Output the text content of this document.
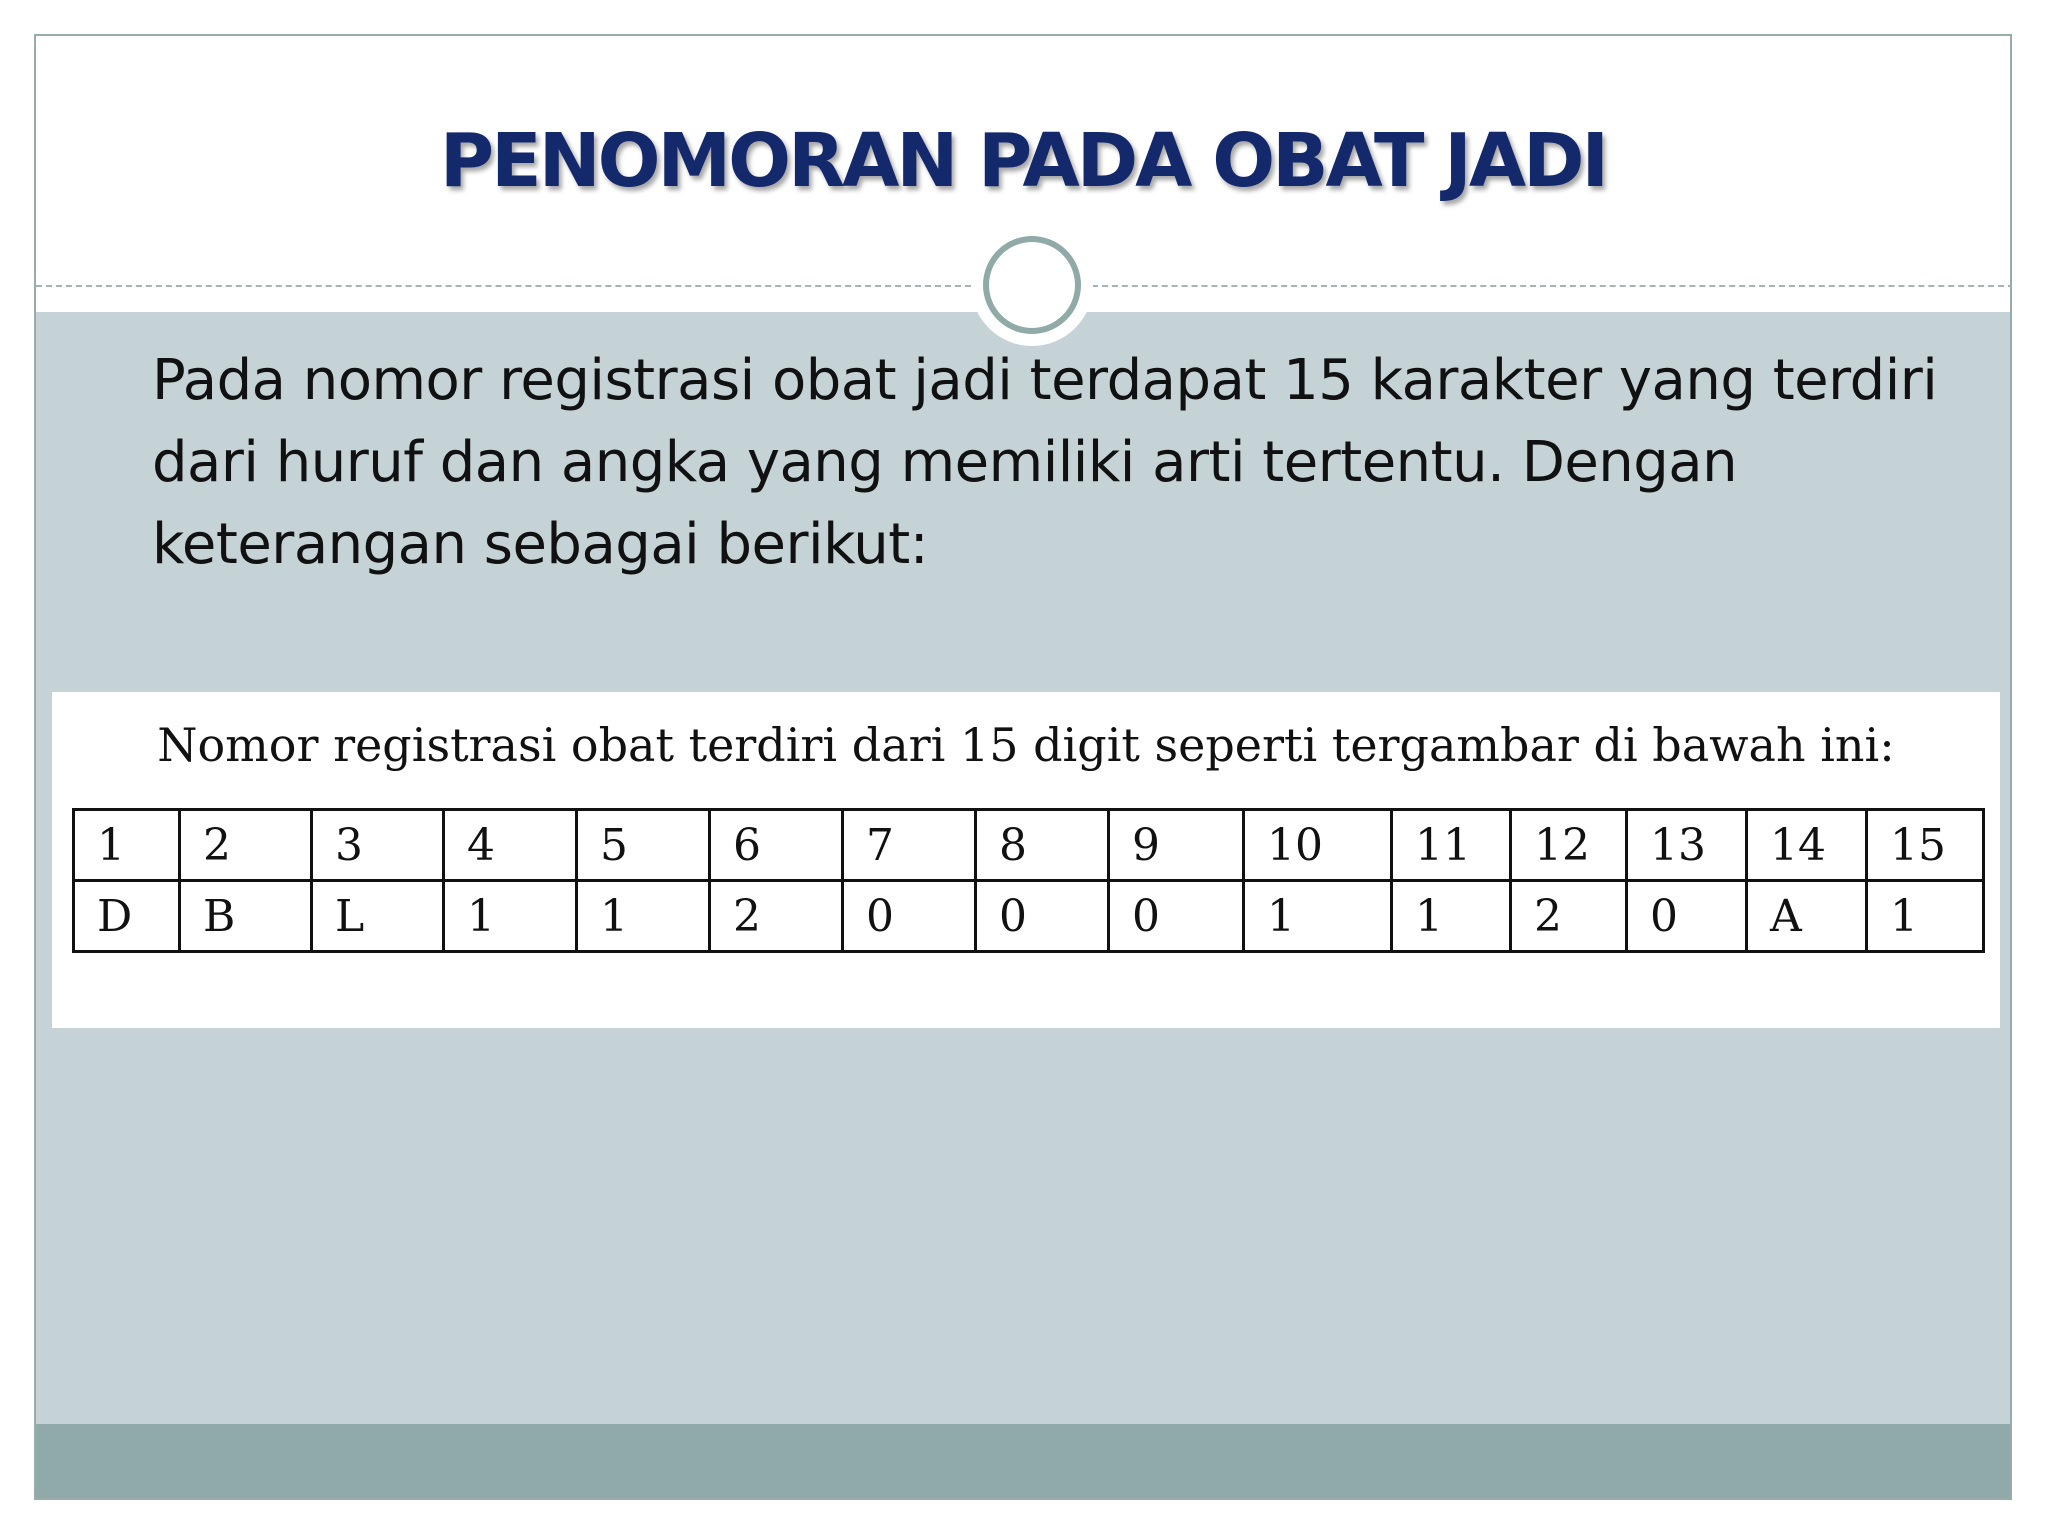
PENOMORAN PADA OBAT JADI
Pada nomor registrasi obat jadi terdapat 15 karakter yang terdiri
dari huruf dan angka yang memiliki arti tertentu. Dengan
keterangan sebagai berikut:
Nomor registrasi obat terdiri dari 15 digit seperti tergambar di bawah ini:
1	2	3	4	5	6	7	8	9	10	11	12	13	14	15
D	B	L	1	1	2	0	0	0	1	1	2	0	A	1
